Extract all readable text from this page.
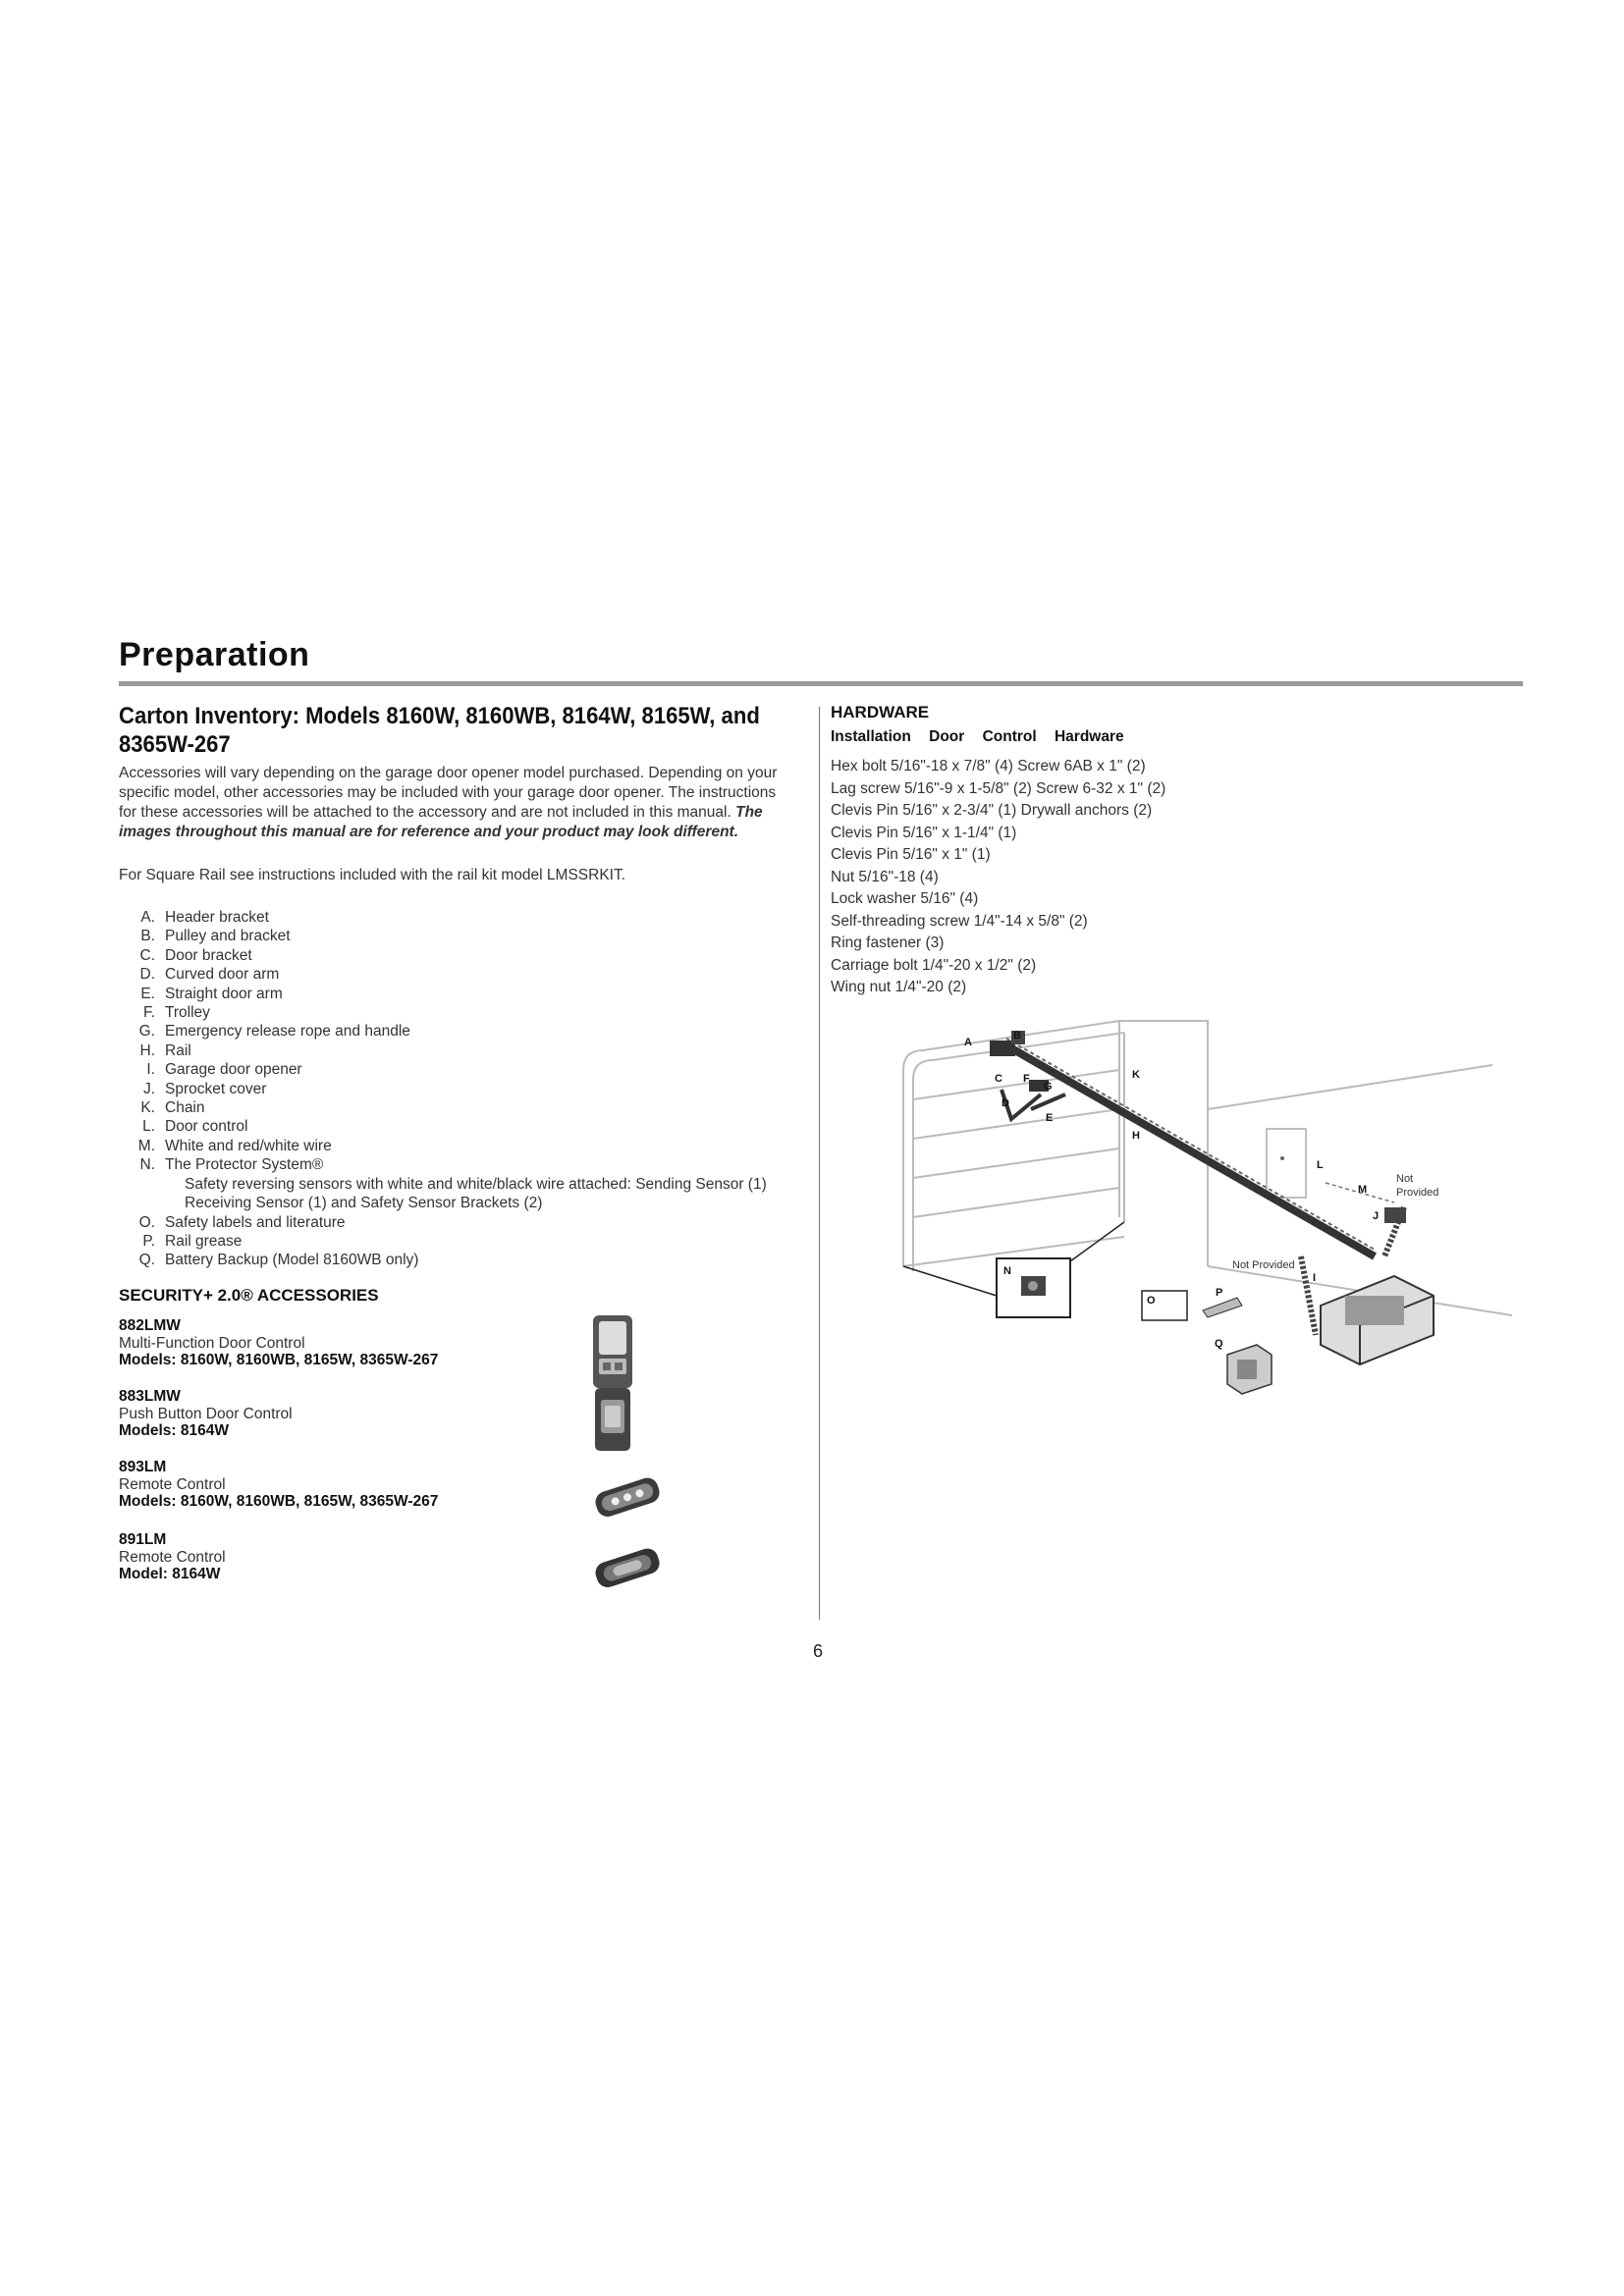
Preparation
Carton Inventory: Models 8160W, 8160WB, 8164W, 8165W, and
8365W-267
Accessories will vary depending on the garage door opener model purchased. Depending on your
specific model, other accessories may be included with your garage door opener. The instructions
for these accessories will be attached to the accessory and are not included in this manual. The
images throughout this manual are for reference and your product may look different.
For Square Rail see instructions included with the rail kit model LMSSRKIT.
A. Header bracket
B. Pulley and bracket
C. Door bracket
D. Curved door arm
E. Straight door arm
F. Trolley
G. Emergency release rope and handle
H. Rail
I. Garage door opener
J. Sprocket cover
K. Chain
L. Door control
M. White and red/white wire
N. The Protector System®
Safety reversing sensors with white and white/black wire attached: Sending Sensor (1)
Receiving Sensor (1) and Safety Sensor Brackets (2)
O. Safety labels and literature
P. Rail grease
Q. Battery Backup (Model 8160WB only)
SECURITY+ 2.0® ACCESSORIES
882LMW
Multi-Function Door Control
Models: 8160W, 8160WB, 8165W, 8365W-267
883LMW
Push Button Door Control
Models: 8164W
893LM
Remote Control
Models: 8160W, 8160WB, 8165W, 8365W-267
891LM
Remote Control
Model: 8164W
HARDWARE
Installation Door Control Hardware
Hex bolt 5/16"-18 x 7/8" (4) Screw 6AB x 1" (2)
Lag screw 5/16"-9 x 1-5/8" (2) Screw 6-32 x 1" (2)
Clevis Pin 5/16" x 2-3/4" (1) Drywall anchors (2)
Clevis Pin 5/16" x 1-1/4" (1)
Clevis Pin 5/16" x 1" (1)
Nut 5/16"-18 (4)
Lock washer 5/16" (4)
Self-threading screw 1/4"-14 x 5/8" (2)
Ring fastener (3)
Carriage bolt 1/4"-20 x 1/2" (2)
Wing nut 1/4"-20 (2)
A
B
C F
G
D
E
K
H
L
M
J
I
N
O
P
Q
Not
Provided
Not Provided
6
